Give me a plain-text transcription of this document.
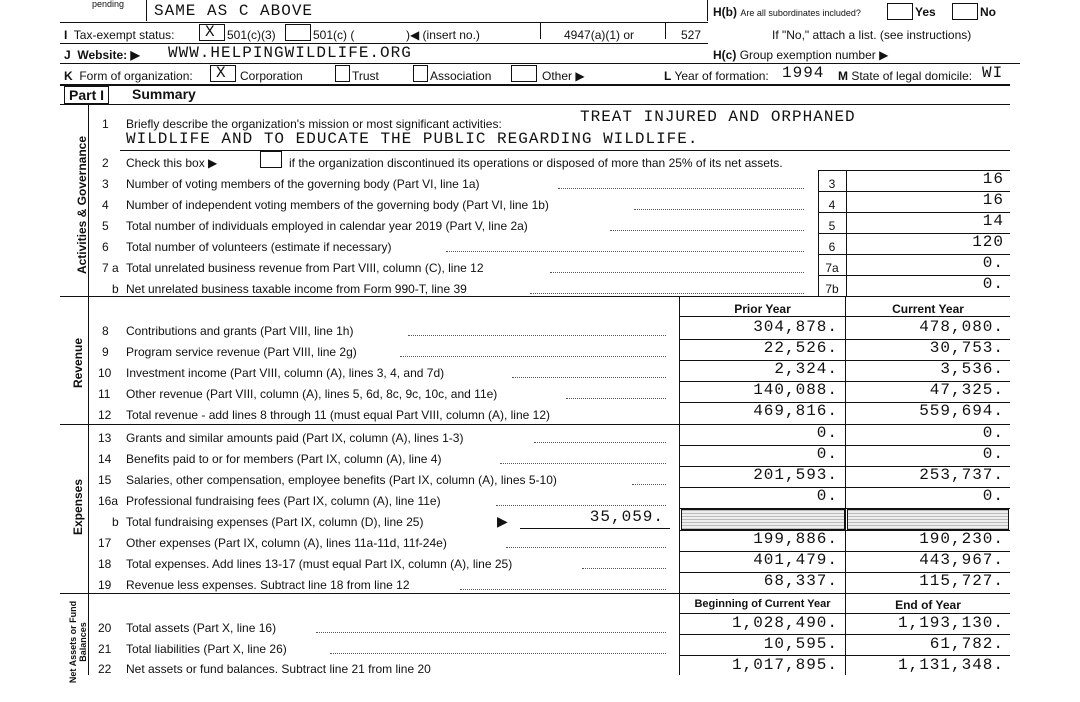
pending SAME AS C ABOVE	H(b) Are all subordinates included?	Yes	No
I Tax-exempt status: X 501(c)(3)	501(c) (	)◀ (insert no.)	4947(a)(1) or	527	If "No," attach a list. (see instructions)
J Website: ▶ WWW.HELPINGWILDLIFE.ORG	H(c) Group exemption number ▶
K Form of organization: X Corporation	Trust	Association	Other ▶	L Year of formation: 1994 M State of legal domicile: WI
Part I	Summary
Activities & Governance
Revenue
Expenses
Net Assets or Fund Balances
1 Briefly describe the organization's mission or most significant activities:	TREAT INJURED AND ORPHANED
WILDLIFE AND TO EDUCATE THE PUBLIC REGARDING WILDLIFE.
2 Check this box ▶	if the organization discontinued its operations or disposed of more than 25% of its net assets.
3 Number of voting members of the governing body (Part VI, line 1a)	3	16
4 Number of independent voting members of the governing body (Part VI, line 1b)	4	16
5 Total number of individuals employed in calendar year 2019 (Part V, line 2a)	5	14
6 Total number of volunteers (estimate if necessary)	6	120
7 a Total unrelated business revenue from Part VIII, column (C), line 12	7a	0.
b Net unrelated business taxable income from Form 990-T, line 39	7b	0.
Prior Year	Current Year
8 Contributions and grants (Part VIII, line 1h)	304,878.	478,080.
9 Program service revenue (Part VIII, line 2g)	22,526.	30,753.
10 Investment income (Part VIII, column (A), lines 3, 4, and 7d)	2,324.	3,536.
11 Other revenue (Part VIII, column (A), lines 5, 6d, 8c, 9c, 10c, and 11e)	140,088.	47,325.
12 Total revenue - add lines 8 through 11 (must equal Part VIII, column (A), line 12)	469,816.	559,694.
13 Grants and similar amounts paid (Part IX, column (A), lines 1-3)	0.	0.
14 Benefits paid to or for members (Part IX, column (A), line 4)	0.	0.
15 Salaries, other compensation, employee benefits (Part IX, column (A), lines 5-10)	201,593.	253,737.
16a Professional fundraising fees (Part IX, column (A), line 11e)	0.	0.
b Total fundraising expenses (Part IX, column (D), line 25)	▶	35,059.
17 Other expenses (Part IX, column (A), lines 11a-11d, 11f-24e)	199,886.	190,230.
18 Total expenses. Add lines 13-17 (must equal Part IX, column (A), line 25)	401,479.	443,967.
19 Revenue less expenses. Subtract line 18 from line 12	68,337.	115,727.
Beginning of Current Year	End of Year
20 Total assets (Part X, line 16)	1,028,490.	1,193,130.
21 Total liabilities (Part X, line 26)	10,595.	61,782.
22 Net assets or fund balances. Subtract line 21 from line 20	1,017,895.	1,131,348.
